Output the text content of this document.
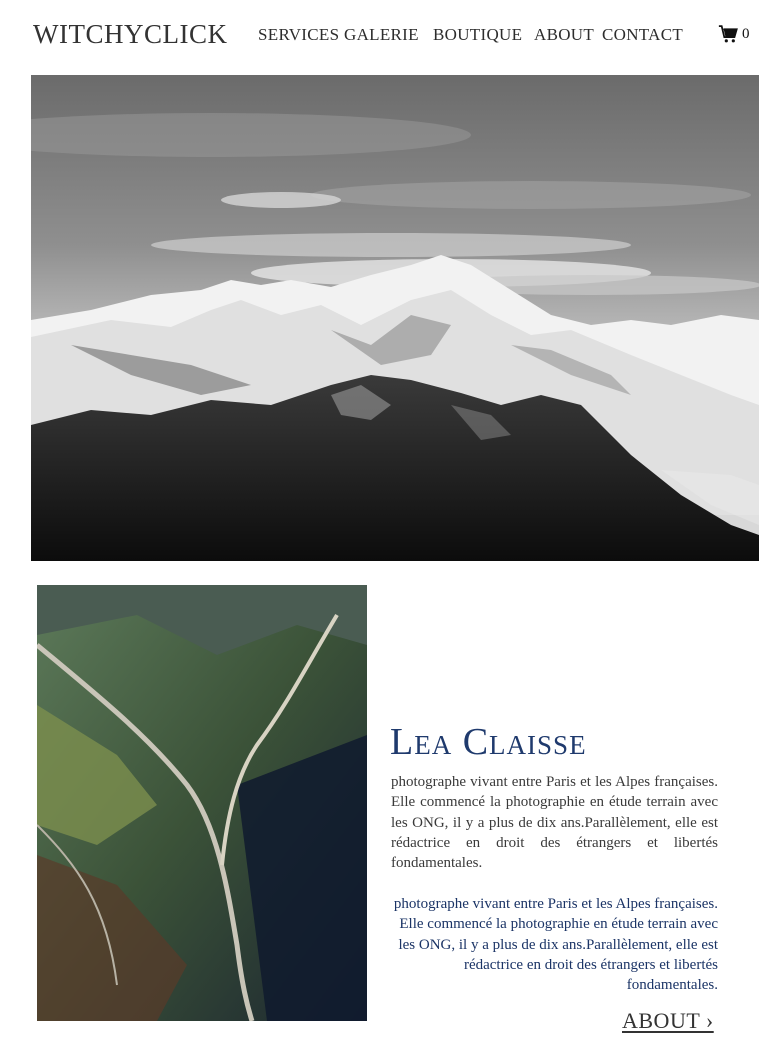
WITCHYCLICK SERVICES GALERIE BOUTIQUE ABOUT CONTACT	0
Lea Claisse

photographe vivant entre Paris et les Alpes françaises. Elle commencé la photographie en étude terrain avec les ONG, il y a plus de dix ans.Parallèlement, elle est rédactrice en droit des étrangers et libertés fondamentales.

photographe vivant entre Paris et les Alpes françaises. Elle commencé la photographie en étude terrain avec les ONG, il y a plus de dix ans.Parallèlement, elle est rédactrice en droit des étrangers et libertés fondamentales.

ABOUT ›
